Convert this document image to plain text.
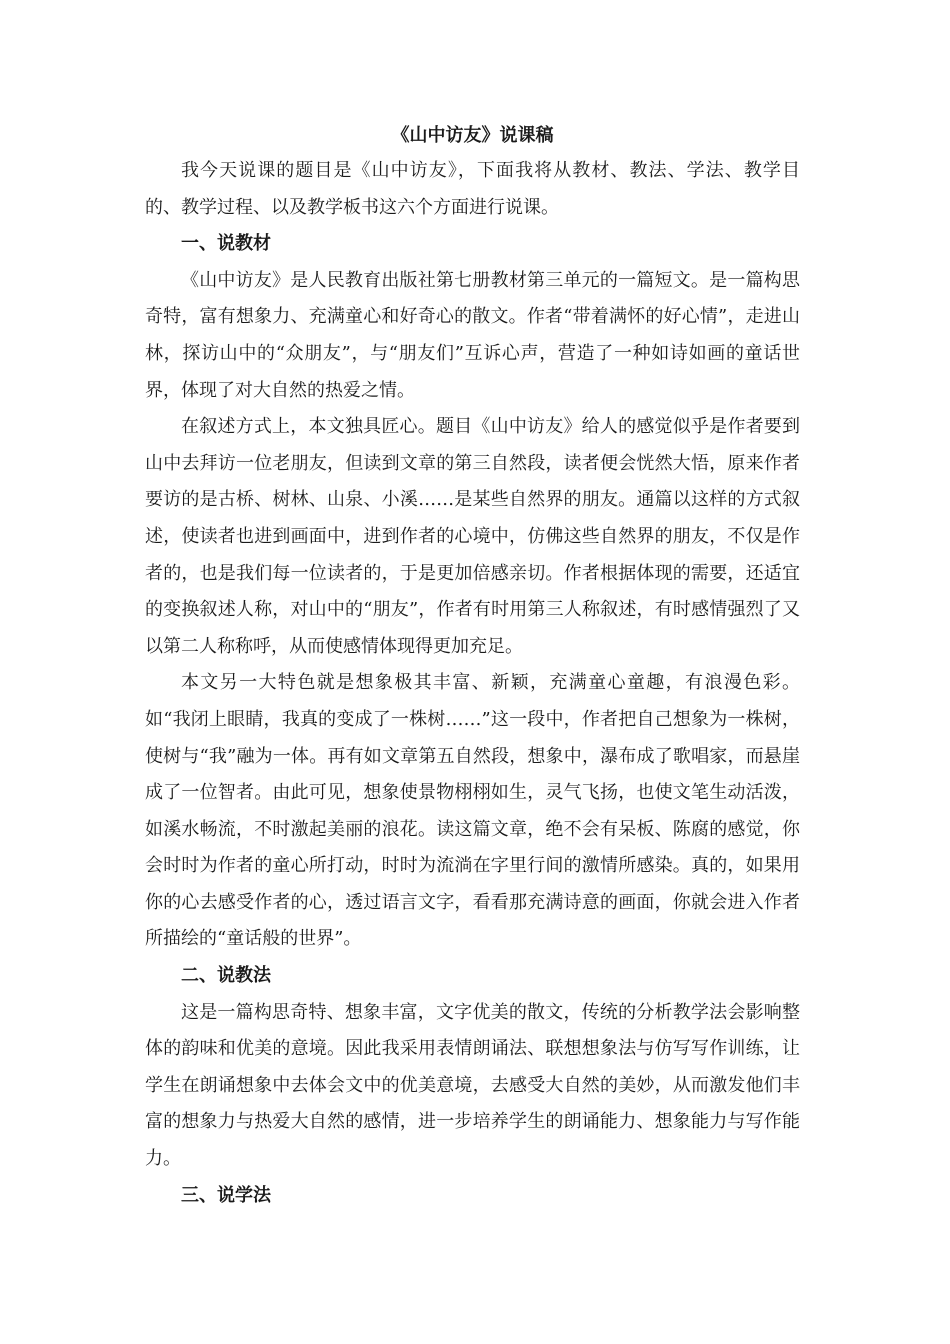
《山中访友》说课稿

我今天说课的题目是《山中访友》，下面我将从教材、教法、学法、教学目的、教学过程、以及教学板书这六个方面进行说课。

一、说教材

《山中访友》是人民教育出版社第七册教材第三单元的一篇短文。是一篇构思奇特，富有想象力、充满童心和好奇心的散文。作者“带着满怀的好心情”，走进山林，探访山中的“众朋友”，与“朋友们”互诉心声，营造了一种如诗如画的童话世界，体现了对大自然的热爱之情。

在叙述方式上，本文独具匠心。题目《山中访友》给人的感觉似乎是作者要到山中去拜访一位老朋友，但读到文章的第三自然段，读者便会恍然大悟，原来作者要访的是古桥、树林、山泉、小溪……是某些自然界的朋友。通篇以这样的方式叙述，使读者也进到画面中，进到作者的心境中，仿佛这些自然界的朋友，不仅是作者的，也是我们每一位读者的，于是更加倍感亲切。作者根据体现的需要，还适宜的变换叙述人称，对山中的“朋友”，作者有时用第三人称叙述，有时感情强烈了又以第二人称称呼，从而使感情体现得更加充足。

本文另一大特色就是想象极其丰富、新颖，充满童心童趣，有浪漫色彩。如“我闭上眼睛，我真的变成了一株树……”这一段中，作者把自己想象为一株树，使树与“我”融为一体。再有如文章第五自然段，想象中，瀑布成了歌唱家，而悬崖成了一位智者。由此可见，想象使景物栩栩如生，灵气飞扬，也使文笔生动活泼，如溪水畅流，不时激起美丽的浪花。读这篇文章，绝不会有呆板、陈腐的感觉，你会时时为作者的童心所打动，时时为流淌在字里行间的激情所感染。真的，如果用你的心去感受作者的心，透过语言文字，看看那充满诗意的画面，你就会进入作者所描绘的“童话般的世界”。

二、说教法

这是一篇构思奇特、想象丰富，文字优美的散文，传统的分析教学法会影响整体的韵味和优美的意境。因此我采用表情朗诵法、联想想象法与仿写写作训练，让学生在朗诵想象中去体会文中的优美意境，去感受大自然的美妙，从而激发他们丰富的想象力与热爱大自然的感情，进一步培养学生的朗诵能力、想象能力与写作能力。

三、说学法
